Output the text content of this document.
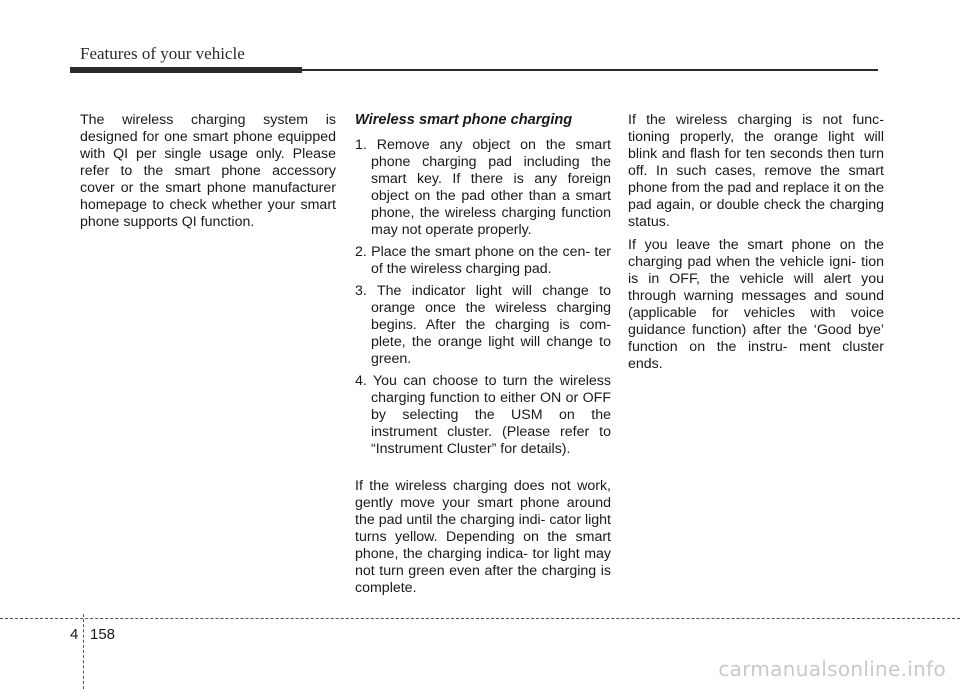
Features of your vehicle

The wireless charging system is designed for one smart phone equipped with QI per single usage only. Please refer to the smart phone accessory cover or the smart phone manufacturer homepage to check whether your smart phone supports QI function.

Wireless smart phone charging
1. Remove any object on the smart phone charging pad including the smart key. If there is any foreign object on the pad other than a smart phone, the wireless charging function may not operate properly.
2. Place the smart phone on the cen- ter of the wireless charging pad.
3. The indicator light will change to orange once the wireless charging begins. After the charging is com- plete, the orange light will change to green.
4. You can choose to turn the wireless charging function to either ON or OFF by selecting the USM on the instrument cluster. (Please refer to “Instrument Cluster” for details).

If the wireless charging does not work, gently move your smart phone around the pad until the charging indi- cator light turns yellow. Depending on the smart phone, the charging indica- tor light may not turn green even after the charging is complete.

If the wireless charging is not func- tioning properly, the orange light will blink and flash for ten seconds then turn off. In such cases, remove the smart phone from the pad and replace it on the pad again, or double check the charging status.

If you leave the smart phone on the charging pad when the vehicle igni- tion is in OFF, the vehicle will alert you through warning messages and sound (applicable for vehicles with voice guidance function) after the ‘Good bye’ function on the instru- ment cluster ends.

4 158
carmanualsonline.info
